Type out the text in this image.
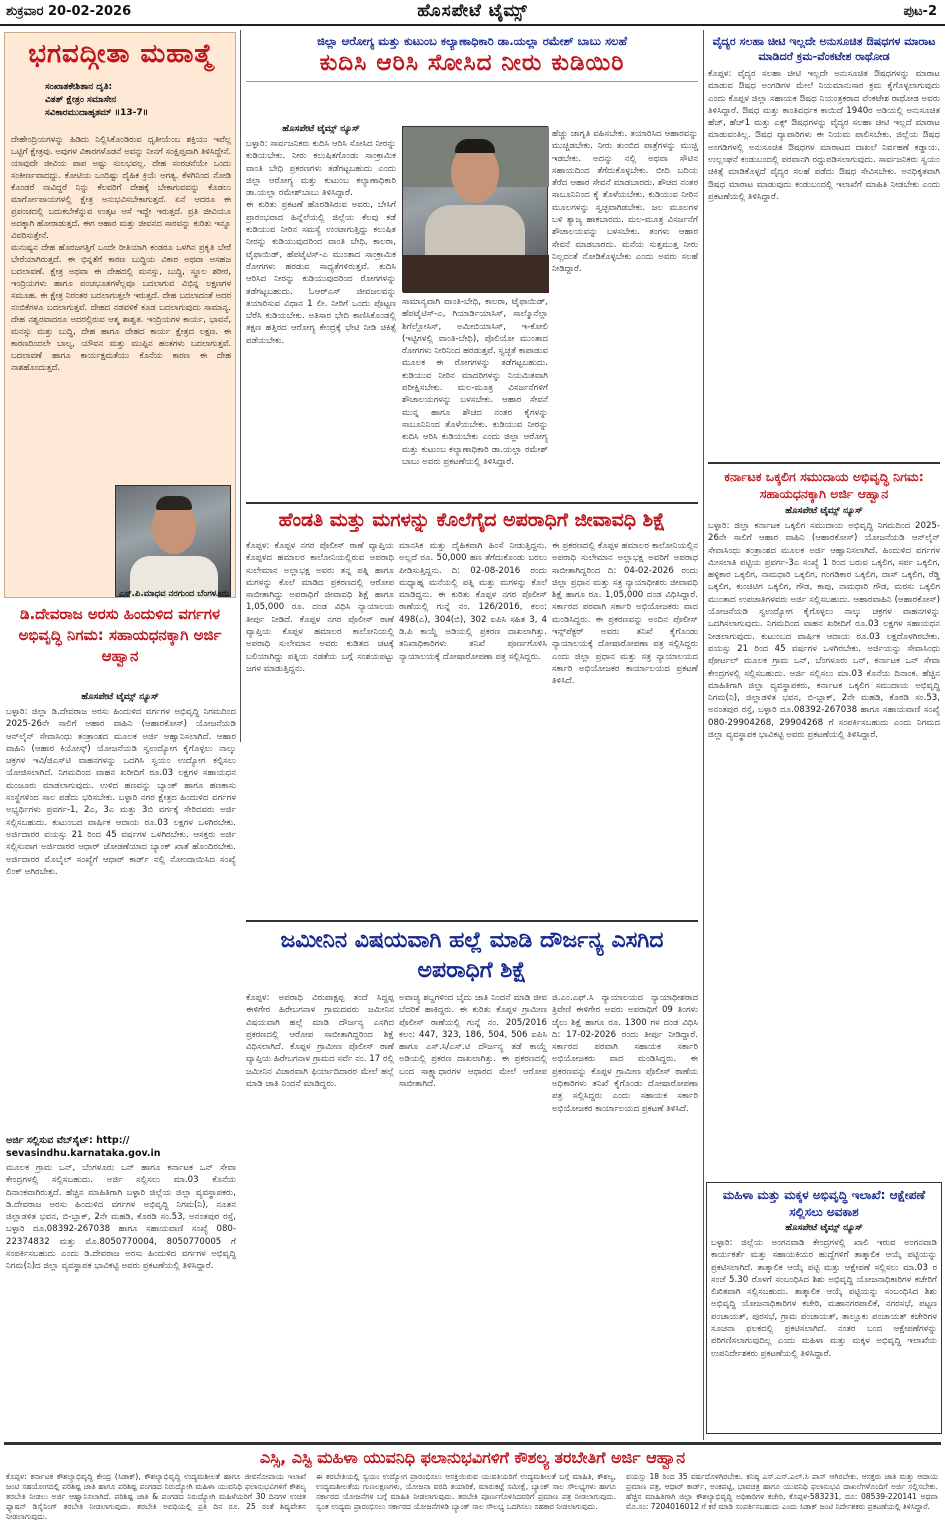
ಹೊಸಪೇಟೆ ಟೈಮ್ಸ್
ಶುಕ್ರವಾರ 20-02-2026	ಪುಟ-2
ಭಗವದ್ಗೀತಾ ಮಹಾತ್ಮೆ
ಸಂಖಾತಕೇಶಿತಾನ ದೃತಿ:
ವಿತತ್ ಕ್ಷೇತ್ರಂ ಸಮಾಸೇನ
ಸವಿಕಾರಮುದಾಹೃತಮ್ ॥13-7॥
ದೇಹೇಂದ್ರಿಯಗಳನ್ನು ಹಿಡಿದು ನಿಲ್ಲಿಸಿಕೊಂಡಿರುವ ಧೃತೀಯೆಂಬ ಶಕ್ತಿಯು ಇವೆಲ್ಲ ಒಟ್ಟಿಗೆ ಕ್ಷೇತ್ರವು. ಅವುಗಳ ವಿಕಾರಗಳೊಡನೆ ಅವನ್ನು ನೀನಗೆ ಸಂಕ್ಷಿಪ್ತವಾಗಿ ತಿಳಿಸಿದ್ದೇನೆ. ಯಾವುದೇ ಜೀವಿಯ ಪಾಪ ಅಷ್ಟು ಸುಲಭವಲ್ಲ. ದೇಹ ಸಂರಚನೆಯೇ ಒಂದು ಸಂಕೀರ್ಣವಾದದ್ದು. ಕೋಟಿಯ ಒಂದಿಷ್ಟು ದೈಹಿಕ ಕ್ರಿಯೆ ಅಗತ್ಯ. ಕೆಳಗಿನಿಂದ ನೋಡಿ ಕೊಂಡರೆ ನಾವಿದ್ದರೆ ನಿನ್ನು ಕೆಲವರಿಗೆ ದೇಹಕ್ಕೆ ಬೇಕಾಗುವವನ್ನು ಕೊಡಲು ಮಾರ್ಗೋಪಾಯಗಳಲ್ಲಿ ಕ್ಷೇತ್ರ ಅನುಭವಿಸಬೇಕಾಗುತ್ತದೆ. ಏನೆ ಆದರೂ ಈ ಪ್ರಪಂಚದಲ್ಲಿ ಬದುಕಬೇಕೆನ್ನುವ ಉತ್ಕಟ ಆಸೆ ಇದ್ದೇ ಇರುತ್ತದೆ. ಪ್ರತಿ ಜೀವಿಯೂ ಅದಕ್ಕಾಗಿ ಹೋರಾಡುತ್ತದೆ. ಈಗ ಆಹಾರ ಮತ್ತು ಜೀವನದ ಸಾರವನ್ನು ಕುರಿತು ಇನ್ನೂ ವಿವರಿಸುತ್ತೇನೆ.
ಮನುಷ್ಯನ ದೇಹ ಹೊರಜಗತ್ತಿಗೆ ಒಂದೇ ರೀತಿಯಾಗಿ ಕಂಡರೂ ಒಳಗಿನ ಪ್ರಕೃತಿ ಬೇರೆ ಬೇರೆಯಾಗಿರುತ್ತದೆ. ಈ ಭಿನ್ನತೆಗೆ ಕಾರಣ ಬುದ್ಧಿಯ ವಿಕಾರ ಅಥವಾ ಅಸಹಜ ಬದಲಾವಣೆ. ಕ್ಷೇತ್ರ ಅಥವಾ ಈ ದೇಹದಲ್ಲಿ ಮನಸ್ಸು, ಬುದ್ಧಿ, ಸ್ಥೂಲ ಶರೀರ, ಇಂದ್ರಿಯಗಳು ಹಾಗೂ ಪಂಚಭೂತಗಳೆಲ್ಲವೂ ಬದಲಾಗುವ ವಿಭಿನ್ನ ಲಕ್ಷಣಗಳ ಸಮೂಹ. ಈ ಕ್ಷೇತ್ರ ನಿರಂತರ ಬದಲಾಗುತ್ತಲೇ ಇರುತ್ತದೆ. ದೇಹ ಬದಲಾದಂತೆ ಅದರ ನಂಬಿಕೆಗಳೂ ಬದಲಾಗುತ್ತವೆ. ದೇಹದ ನಡವಳಿಕೆ ಕೂಡ ಬದಲಾಗುವುದು ಸಾಮಾನ್ಯ. ದೇಹ ನಶ್ವರವಾದರೂ ಅದರಲ್ಲಿರುವ ಆತ್ಮ ಶಾಶ್ವತ. ಇಂದ್ರಿಯಗಳ ಕಾರ್ಯ, ಭಾವನೆ, ಮನಸ್ಸು ಮತ್ತು ಬುದ್ಧಿ, ದೇಹ ಹಾಗೂ ದೇಹದ ಕಾರ್ಯ ಕ್ಷೇತ್ರದ ಲಕ್ಷಣ. ಈ ಕಾರಣದಿಂದಲೇ ಬಾಲ್ಯ, ಯೌವನ ಮತ್ತು ಮುಪ್ಪಿನ ಹಂತಗಳು ಬದಲಾಗುತ್ತವೆ. ಬದಲಾವಣೆ ಹಾಗೂ ಕಾರ್ಯಕ್ಷಮತೆಯು ಕೊನೆಯ ಕಾರಣ ಈ ದೇಹ ನಾಶಹೊಂದುತ್ತದೆ.
ಎಸ್.ಪಿ.ಮಾಧವ ನರಗುಂದ ಬೆಂಗಳೂರು
ಡಿ.ದೇವರಾಜ ಅರಸು ಹಿಂದುಳಿದ ವರ್ಗಗಳ ಅಭಿವೃದ್ಧಿ ನಿಗಮ: ಸಹಾಯಧನಕ್ಕಾಗಿ ಅರ್ಜಿ ಆಹ್ವಾನ
ಹೊಸಪೇಟೆ ಟೈಮ್ಸ್ ನ್ಯೂಸ್
ಬಳ್ಳಾರಿ: ಜಿಲ್ಲಾ ಡಿ.ದೇವರಾಜ ಅರಸು ಹಿಂದುಳಿದ ವರ್ಗಗಳ ಅಭಿವೃದ್ಧಿ ನಿಗಮದಿಂದ 2025-26ನೇ ಸಾಲಿಗೆ ಆಹಾರ ವಾಹಿನಿ (ಆಹಾರಕೋಸ್) ಯೋಜನೆಯಡಿ ಆನ್‌ಲೈನ್ ಸೇವಾಸಿಂಧು ತಂತ್ರಾಂಶದ ಮೂಲಕ ಅರ್ಜಿ ಆಹ್ವಾನಿಸಲಾಗಿದೆ. ಆಹಾರ ವಾಹಿನಿ (ಆಹಾರ ಕಿಯೋಸ್ಕ್) ಯೋಜನೆಯಡಿ ಸ್ವಉದ್ಯೋಗ ಕೈಗೊಳ್ಳಲು ನಾಲ್ಕು ಚಕ್ರಗಳ ಇವಿ/ಜಿಎಸ್‌ಟಿ ವಾಹನಗಳನ್ನು ಒದಗಿಸಿ ಸ್ವಯಂ ಉದ್ಯೋಗ ಕಲ್ಪಿಸಲು ಯೋಜಿಸಲಾಗಿದೆ. ನಿಗಮದಿಂದ ವಾಹನ ಖರೀದಿಗೆ ರೂ.03 ಲಕ್ಷಗಳ ಸಹಾಯಧನ ಮಂಜೂರು ಮಾಡಲಾಗುವುದು. ಉಳಿದ ಹಣವನ್ನು ಬ್ಯಾಂಕ್ ಹಾಗೂ ಹಣಕಾಸು ಸಂಸ್ಥೆಗಳಿಂದ ಸಾಲ ಪಡೆದು ಭರಿಸಬೇಕು. ಬಳ್ಳಾರಿ ನಗರ ಕ್ಷೇತ್ರದ ಹಿಂದುಳಿದ ವರ್ಗಗಳ ಅಭ್ಯರ್ಥಿಗಳು ಪ್ರವರ್ಗ-1, 2ಎ, 3ಎ ಮತ್ತು 3ಬಿ ವರ್ಗಕ್ಕೆ ಸೇರಿದವರು ಅರ್ಜಿ ಸಲ್ಲಿಸಬಹುದು. ಕುಟುಂಬದ ವಾರ್ಷಿಕ ಆದಾಯ ರೂ.03 ಲಕ್ಷಗಳ ಒಳಗಿರಬೇಕು. ಅರ್ಜಿದಾರರ ವಯಸ್ಸು 21 ರಿಂದ 45 ವರ್ಷಗಳ ಒಳಗಿರಬೇಕು. ಆಸಕ್ತರು ಅರ್ಜಿ ಸಲ್ಲಿಸುವಾಗ ಅರ್ಜಿದಾರರ ಆಧಾರ್ ಜೋಡಣೆಯಾದ ಬ್ಯಾಂಕ್ ಖಾತೆ ಹೊಂದಿರಬೇಕು. ಅರ್ಜಿದಾರರ ಮೊಬೈಲ್ ಸಂಖ್ಯೆಗೆ ಆಧಾರ್ ಕಾರ್ಡ್ ನಲ್ಲಿ ನೋಂದಾಯಿಸಿದ ಸಂಖ್ಯೆ ಲಿಂಕ್ ಆಗಿರಬೇಕು.
ಅರ್ಜಿ ಸಲ್ಲಿಸುವ ವೆಬ್‌ಸೈಟ್: http:// sevasindhu.karnataka.gov.in
ಮೂಲಕ ಗ್ರಾಮ ಒನ್, ಬೆಂಗಳೂರು ಒನ್ ಹಾಗೂ ಕರ್ನಾಟಕ ಒನ್ ಸೇವಾ ಕೇಂದ್ರಗಳಲ್ಲಿ ಸಲ್ಲಿಸಬಹುದು. ಅರ್ಜಿ ಸಲ್ಲಿಸಲು ಮಾ.03 ಕೊನೆಯ ದಿನಾಂಕವಾಗಿರುತ್ತದೆ. ಹೆಚ್ಚಿನ ಮಾಹಿತಿಗಾಗಿ ಬಳ್ಳಾರಿ ಜಿಲ್ಲೆಯ ಜಿಲ್ಲಾ ವ್ಯವಸ್ಥಾಪಕರು, ಡಿ.ದೇವರಾಜ ಅರಸು ಹಿಂದುಳಿದ ವರ್ಗಗಳ ಅಭಿವೃದ್ಧಿ ನಿಗಮ(ನಿ), ನೂತನ ಜಿಲ್ಲಾಡಳಿತ ಭವನ, ಬಿ-ಬ್ಲಾಕ್, 2ನೇ ಮಹಡಿ, ಕೊಠಡಿ ಸಂ.53, ಅನಂತಪುರ ರಸ್ತೆ, ಬಳ್ಳಾರಿ ದೂ.08392-267038 ಹಾಗೂ ಸಹಾಯವಾಣಿ ಸಂಖ್ಯೆ 080-22374832 ಮತ್ತು ಮೊ.8050770004, 8050770005 ಗೆ ಸಂಪರ್ಕಿಸಬಹುದು ಎಂದು ಡಿ.ದೇವರಾಜ ಅರಸು ಹಿಂದುಳಿದ ವರ್ಗಗಳ ಅಭಿವೃದ್ಧಿ ನಿಗಮ(ನಿ)ದ ಜಿಲ್ಲಾ ವ್ಯವಸ್ಥಾಪಕ ಭಾವಿಕಟ್ಟಿ ಅವರು ಪ್ರಕಟಣೆಯಲ್ಲಿ ತಿಳಿಸಿದ್ದಾರೆ.
ಜಿಲ್ಲಾ ಆರೋಗ್ಯ ಮತ್ತು ಕುಟುಂಬ ಕಲ್ಯಾಣಾಧಿಕಾರಿ ಡಾ.ಯಲ್ಲಾ ರಮೇಶ್ ಬಾಬು ಸಲಹೆ
ಕುದಿಸಿ ಆರಿಸಿ ಸೋಸಿದ ನೀರು ಕುಡಿಯಿರಿ
ಹೊಸಪೇಟೆ ಟೈಮ್ಸ್ ನ್ಯೂಸ್
ಬಳ್ಳಾರಿ: ಸಾರ್ವಜನಿಕರು ಕುದಿಸಿ ಆರಿಸಿ ಸೋಸಿದ ನೀರನ್ನು ಕುಡಿಯಬೇಕು. ನೀರು ಕಲುಷಿತಗೊಂಡು ಸಾಂಕ್ರಾಮಿಕ ವಾಂತಿ ಬೇಧಿ ಪ್ರಕರಣಗಳು ತಡೆಗಟ್ಟಬಹುದು ಎಂದು ಜಿಲ್ಲಾ ಆರೋಗ್ಯ ಮತ್ತು ಕುಟುಂಬ ಕಲ್ಯಾಣಾಧಿಕಾರಿ ಡಾ.ಯಲ್ಲಾ ರಮೇಶ್‌ಬಾಬು ತಿಳಿಸಿದ್ದಾರೆ.
ಈ ಕುರಿತು ಪ್ರಕಟಣೆ ಹೊರಡಿಸಿರುವ ಅವರು, ಬೇಸಿಗೆ ಪ್ರಾರಂಭವಾದ ಹಿನ್ನೆಲೆಯಲ್ಲಿ ಜಿಲ್ಲೆಯ ಕೆಲವು ಕಡೆ ಕುಡಿಯುವ ನೀರಿನ ಸಮಸ್ಯೆ ಉಂಟಾಗುತ್ತಿದ್ದು ಕಲುಷಿತ ನೀರನ್ನು ಕುಡಿಯುವುದರಿಂದ ವಾಂತಿ ಬೇಧಿ, ಕಾಲರಾ, ಟೈಫಾಯಿಡ್, ಹೆಪಟೈಟಿಸ್-ಎ ಮುಂತಾದ ಸಾಂಕ್ರಾಮಿಕ ರೋಗಗಳು ಹರಡುವ ಸಾಧ್ಯತೆಗಳಿರುತ್ತವೆ. ಕುದಿಸಿ ಆರಿಸಿದ ನೀರನ್ನು ಕುಡಿಯುವುದರಿಂದ ರೋಗಗಳನ್ನು ತಡೆಗಟ್ಟಬಹುದು. ಓಆರ್‌ಎಸ್ ಜೀವಜಲವನ್ನು ತಯಾರಿಸುವ ವಿಧಾನ 1 ಲೀ. ನೀರಿಗೆ ಒಂದು ಪೊಟ್ಟಣ ಬೆರೆಸಿ ಕುಡಿಯಬೇಕು. ಅತಿಸಾರ ಭೇದಿ ಕಾಣಿಸಿಕೊಂಡಲ್ಲಿ ತಕ್ಷಣ ಹತ್ತಿರದ ಆರೋಗ್ಯ ಕೇಂದ್ರಕ್ಕೆ ಭೇಟಿ ನೀಡಿ ಚಿಕಿತ್ಸೆ ಪಡೆಯಬೇಕು.
ಹೆಚ್ಚು ಜಾಗೃತಿ ವಹಿಸಬೇಕು. ತಯಾರಿಸಿದ ಆಹಾರವನ್ನು ಮುಚ್ಚಿಡಬೇಕು. ನೀರು ತುಂಬಿದ ಪಾತ್ರೆಗಳನ್ನು ಮುಚ್ಚಿ ಇಡಬೇಕು. ಅದನ್ನು ನಲ್ಲಿ ಅಥವಾ ಸೌಟಿನ ಸಹಾಯದಿಂದ ತೆಗೆದುಕೊಳ್ಳಬೇಕು. ಬೀದಿ ಬದಿಯ ತೆರೆದ ಆಹಾರ ಸೇವನೆ ಮಾಡಬಾರದು. ಶೌಚದ ನಂತರ ಸಾಬೂನಿನಿಂದ ಕೈ ತೊಳೆಯಬೇಕು. ಕುಡಿಯುವ ನೀರಿನ ಮೂಲಗಳನ್ನು ಸ್ವಚ್ಛವಾಗಿಡಬೇಕು. ಜಲ ಮೂಲಗಳ ಬಳಿ ತ್ಯಾಜ್ಯ ಹಾಕಬಾರದು. ಮಲ-ಮೂತ್ರ ವಿಸರ್ಜನೆಗೆ ಶೌಚಾಲಯವನ್ನು ಬಳಸಬೇಕು. ತಂಗಳು ಆಹಾರ ಸೇವನೆ ಮಾಡಬಾರದು. ಮನೆಯ ಸುತ್ತಮುತ್ತ ನೀರು ನಿಲ್ಲದಂತೆ ನೋಡಿಕೊಳ್ಳಬೇಕು ಎಂದು ಅವರು ಸಲಹೆ ನೀಡಿದ್ದಾರೆ.
ಸಾಮಾನ್ಯವಾಗಿ ವಾಂತಿ-ಬೇಧಿ, ಕಾಲರಾ, ಟೈಫಾಯಿಡ್, ಹೆಪಟೈಟಿಸ್-ಎ, ಗಿಯಾರ್ಡಿಯಾಸಿಸ್, ಸಾಲ್ಮೊನೆಲ್ಲಾ ಶಿಗೆಲ್ಲೋಸಿಸ್, ಅಮೀಬಿಯಾಸಿಸ್, ಇ-ಕೋಲಿ (ಇಟ್ಟಿಗಳಲ್ಲಿ ವಾಂತಿ-ಬೇಧಿ), ಪೊಲಿಯೋ ಮುಂತಾದ ರೋಗಗಳು ನೀರಿನಿಂದ ಹರಡುತ್ತವೆ. ಸ್ವಚ್ಛತೆ ಕಾಪಾಡುವ ಮೂಲಕ ಈ ರೋಗಗಳನ್ನು ತಡೆಗಟ್ಟಬಹುದು. ಕುಡಿಯುವ ನೀರಿನ ಮಾದರಿಗಳನ್ನು ನಿಯಮಿತವಾಗಿ ಪರೀಕ್ಷಿಸಬೇಕು. ಮಲ-ಮೂತ್ರ ವಿಸರ್ಜನೆಗಳಿಗೆ ಶೌಚಾಲಯಗಳನ್ನು ಬಳಸಬೇಕು. ಆಹಾರ ಸೇವನೆ ಮುನ್ನ ಹಾಗೂ ಶೌಚದ ನಂತರ ಕೈಗಳನ್ನು ಸಾಬೂನಿನಿಂದ ತೊಳೆಯಬೇಕು. ಕುಡಿಯುವ ನೀರನ್ನು ಕುದಿಸಿ ಆರಿಸಿ ಕುಡಿಯಬೇಕು ಎಂದು ಜಿಲ್ಲಾ ಆರೋಗ್ಯ ಮತ್ತು ಕುಟುಂಬ ಕಲ್ಯಾಣಾಧಿಕಾರಿ ಡಾ.ಯಲ್ಲಾ ರಮೇಶ್ ಬಾಬು ಅವರು ಪ್ರಕಟಣೆಯಲ್ಲಿ ತಿಳಿಸಿದ್ದಾರೆ.
ಹೆಂಡತಿ ಮತ್ತು ಮಗಳನ್ನು ಕೊಲೆಗೈದ ಅಪರಾಧಿಗೆ ಜೀವಾವಧಿ ಶಿಕ್ಷೆ
ಕೊಪ್ಪಳ: ಕೊಪ್ಪಳ ನಗರ ಪೊಲೀಸ್ ಠಾಣೆ ವ್ಯಾಪ್ತಿಯ ಕೊಪ್ಪಳದ ಹಮಾಲರ ಕಾಲೋನಿಯಲ್ಲಿರುವ ಅಪರಾಧಿ ಸುಲೇಮಾನ ಅಲ್ಲಾಭಕ್ಷ ಅವರು ತನ್ನ ಪತ್ನಿ ಹಾಗೂ ಮಗಳನ್ನು ಕೊಲೆ ಮಾಡಿದ ಪ್ರಕರಣದಲ್ಲಿ ಆರೋಪ ಸಾಬೀತಾಗಿದ್ದು ಅಪರಾಧಿಗೆ ಜೀವಾವಧಿ ಶಿಕ್ಷೆ ಹಾಗೂ 1,05,000 ರೂ. ದಂಡ ವಿಧಿಸಿ ನ್ಯಾಯಾಲಯ ತೀರ್ಪು ನೀಡಿದೆ. ಕೊಪ್ಪಳ ನಗರ ಪೊಲೀಸ್ ಠಾಣೆ ವ್ಯಾಪ್ತಿಯ ಕೊಪ್ಪಳ ಹಮಾಲರ ಕಾಲೋನಿಯಲ್ಲಿ ಅಪರಾಧಿ ಸುಲೇಮಾನ ಅವರು ಕುಡಿತದ ಚಟಕ್ಕೆ ಬಲಿಯಾಗಿದ್ದು ಪತ್ನಿಯ ನಡತೆಯ ಬಗ್ಗೆ ಸಂಶಯಪಟ್ಟು ಜಗಳ ಮಾಡುತ್ತಿದ್ದನು.
ಮಾನಸಿಕ ಮತ್ತು ದೈಹಿಕವಾಗಿ ಹಿಂಸೆ ನೀಡುತ್ತಿದ್ದನು. ಅಲ್ಲದೆ ರೂ. 50,000 ಹಣ ತೆಗೆದುಕೊಂಡು ಬರಲು ಪೀಡಿಸುತ್ತಿದ್ದನು. ದಿ: 02-08-2016 ರಂದು ಮಧ್ಯಾಹ್ನ ಮನೆಯಲ್ಲಿ ಪತ್ನಿ ಮತ್ತು ಮಗಳನ್ನು ಕೊಲೆ ಮಾಡಿದ್ದನು. ಈ ಕುರಿತು ಕೊಪ್ಪಳ ನಗರ ಪೊಲೀಸ್ ಠಾಣೆಯಲ್ಲಿ ಗುನ್ನೆ ನಂ. 126/2016, ಕಲಂ: 498(ಎ), 304(ಬಿ), 302 ಐಪಿಸಿ ಸಹಿತ 3, 4 ಡಿ.ಪಿ ಕಾಯ್ದೆ ಅಡಿಯಲ್ಲಿ ಪ್ರಕರಣ ದಾಖಲಾಗಿತ್ತು. ತನಿಖಾಧಿಕಾರಿಗಳು ತನಿಖೆ ಪೂರ್ಣಗೊಳಿಸಿ ನ್ಯಾಯಾಲಯಕ್ಕೆ ದೋಷಾರೋಪಣಾ ಪತ್ರ ಸಲ್ಲಿಸಿದ್ದರು.
ಈ ಪ್ರಕರಣದಲ್ಲಿ ಕೊಪ್ಪಳ ಹಮಾಲರ ಕಾಲೋನಿಯಲ್ಲಿನ ಅಪರಾಧಿ ಸುಲೇಮಾನ ಅಲ್ಲಾಭಕ್ಷ ಅವರಿಗೆ ಅಪರಾಧ ಸಾಬೀತಾಗಿದ್ದರಿಂದ ದಿ: 04-02-2026 ರಂದು ಜಿಲ್ಲಾ ಪ್ರಧಾನ ಮತ್ತು ಸತ್ರ ನ್ಯಾಯಾಧೀಶರು ಜೀವಾವಧಿ ಶಿಕ್ಷೆ ಹಾಗೂ ರೂ. 1,05,000 ದಂಡ ವಿಧಿಸಿದ್ದಾರೆ. ಸರ್ಕಾರದ ಪರವಾಗಿ ಸರ್ಕಾರಿ ಅಭಿಯೋಜಕರು ವಾದ ಮಂಡಿಸಿದ್ದರು. ಈ ಪ್ರಕರಣವನ್ನು ಅಂದಿನ ಪೊಲೀಸ್ ಇನ್ಸ್‌ಪೆಕ್ಟರ್ ಅವರು ತನಿಖೆ ಕೈಗೊಂಡು ನ್ಯಾಯಾಲಯಕ್ಕೆ ದೋಷಾರೋಪಣಾ ಪತ್ರ ಸಲ್ಲಿಸಿದ್ದರು ಎಂದು ಜಿಲ್ಲಾ ಪ್ರಧಾನ ಮತ್ತು ಸತ್ರ ನ್ಯಾಯಾಲಯದ ಸರ್ಕಾರಿ ಅಭಿಯೋಜಕರ ಕಾರ್ಯಾಲಯದ ಪ್ರಕಟಣೆ ತಿಳಿಸಿದೆ.
ಜಮೀನಿನ ವಿಷಯವಾಗಿ ಹಲ್ಲೆ ಮಾಡಿ ದೌರ್ಜನ್ಯ ಎಸಗಿದ ಅಪರಾಧಿಗೆ ಶಿಕ್ಷೆ
ಕೊಪ್ಪಳ: ಅಪರಾಧಿ ವಿರುಪಾಕ್ಷಪ್ಪ ತಂದೆ ಸಿದ್ದಪ್ಪ ಈಳಿಗೇರ ಹಿರೇಬಗನಾಳ ಗ್ರಾಮದವರು ಜಮೀನಿನ ವಿಷಯವಾಗಿ ಹಲ್ಲೆ ಮಾಡಿ ದೌರ್ಜನ್ಯ ಎಸಗಿದ ಪ್ರಕರಣದಲ್ಲಿ ಆರೋಪ ಸಾಬೀತಾಗಿದ್ದರಿಂದ ಶಿಕ್ಷೆ ವಿಧಿಸಲಾಗಿದೆ. ಕೊಪ್ಪಳ ಗ್ರಾಮೀಣ ಪೊಲೀಸ್ ಠಾಣೆ ವ್ಯಾಪ್ತಿಯ ಹಿರೇಬಗನಾಳ ಗ್ರಾಮದ ಸರ್ವೆ ನಂ. 17 ರಲ್ಲಿ ಜಮೀನಿನ ವಿಚಾರವಾಗಿ ಫಿರ್ಯಾದಿದಾರರ ಮೇಲೆ ಹಲ್ಲೆ ಮಾಡಿ ಜಾತಿ ನಿಂದನೆ ಮಾಡಿದ್ದರು.
ಅವಾಚ್ಯ ಶಬ್ದಗಳಿಂದ ಬೈದು ಜಾತಿ ನಿಂದನೆ ಮಾಡಿ ಜೀವ ಬೆದರಿಕೆ ಹಾಕಿದ್ದರು. ಈ ಕುರಿತು ಕೊಪ್ಪಳ ಗ್ರಾಮೀಣ ಪೊಲೀಸ್ ಠಾಣೆಯಲ್ಲಿ ಗುನ್ನೆ ನಂ. 205/2016 ಕಲಂ: 447, 323, 186, 504, 506 ಐಪಿಸಿ ಹಾಗೂ ಎಸ್.ಸಿ/ಎಸ್.ಟಿ ದೌರ್ಜನ್ಯ ತಡೆ ಕಾಯ್ದೆ ಅಡಿಯಲ್ಲಿ ಪ್ರಕರಣ ದಾಖಲಾಗಿತ್ತು. ಈ ಪ್ರಕರಣದಲ್ಲಿ ಬಂದ ಸಾಕ್ಷ್ಯಾಧಾರಗಳ ಆಧಾರದ ಮೇಲೆ ಆರೋಪ ಸಾಬೀತಾಗಿದೆ.
ಜಿ.ಎಂ.ಎಫ್.ಸಿ ನ್ಯಾಯಾಲಯದ ನ್ಯಾಯಾಧೀಶರಾದ ತ್ರಿವೇಣಿ ಈಳಿಗೇರ ಅವರು ಅಪರಾಧಿಗೆ 09 ತಿಂಗಳು ಜೈಲು ಶಿಕ್ಷೆ ಹಾಗೂ ರೂ. 1300 ಗಳ ದಂಡ ವಿಧಿಸಿ ದಿ: 17-02-2026 ರಂದು ತೀರ್ಪು ನೀಡಿದ್ದಾರೆ. ಸರ್ಕಾರದ ಪರವಾಗಿ ಸಹಾಯಕ ಸರ್ಕಾರಿ ಅಭಿಯೋಜಕರು ವಾದ ಮಂಡಿಸಿದ್ದರು. ಈ ಪ್ರಕರಣವನ್ನು ಕೊಪ್ಪಳ ಗ್ರಾಮೀಣ ಪೊಲೀಸ್ ಠಾಣೆಯ ಅಧಿಕಾರಿಗಳು ತನಿಖೆ ಕೈಗೊಂಡು ದೋಷಾರೋಪಣಾ ಪತ್ರ ಸಲ್ಲಿಸಿದ್ದರು ಎಂದು ಸಹಾಯಕ ಸರ್ಕಾರಿ ಅಭಿಯೋಜಕರ ಕಾರ್ಯಾಲಯದ ಪ್ರಕಟಣೆ ತಿಳಿಸಿದೆ.
ವೈದ್ಯರ ಸಲಹಾ ಚೀಟಿ ಇಲ್ಲದೇ ಅನುಸೂಚಿತ ಔಷಧಗಳ ಮಾರಾಟ ಮಾಡಿದರೆ ಕ್ರಮ-ವೆಂಕಟೇಶ ರಾಥೋಡ
ಕೊಪ್ಪಳ: ವೈದ್ಯರ ಸಲಹಾ ಚೀಟಿ ಇಲ್ಲದೇ ಅನುಸೂಚಿತ ಔಷಧಗಳನ್ನು ಮಾರಾಟ ಮಾಡುವ ಔಷಧ ಅಂಗಡಿಗಳ ಮೇಲೆ ನಿಯಮಾನುಸಾರ ಕ್ರಮ ಕೈಗೊಳ್ಳಲಾಗುವುದು ಎಂದು ಕೊಪ್ಪಳ ಜಿಲ್ಲಾ ಸಹಾಯಕ ಔಷಧ ನಿಯಂತ್ರಕರಾದ ವೆಂಕಟೇಶ ರಾಥೋಡ ಅವರು ತಿಳಿಸಿದ್ದಾರೆ. ಔಷಧ ಮತ್ತು ಕಾಂತಿವರ್ಧಕ ಕಾಯಿದೆ 1940ರ ಅಡಿಯಲ್ಲಿ ಅನುಸೂಚಿತ ಹೆಚ್, ಹೆಚ್1 ಮತ್ತು ಎಕ್ಸ್ ಔಷಧಗಳನ್ನು ವೈದ್ಯರ ಸಲಹಾ ಚೀಟಿ ಇಲ್ಲದೆ ಮಾರಾಟ ಮಾಡುವಂತಿಲ್ಲ. ಔಷಧ ವ್ಯಾಪಾರಿಗಳು ಈ ನಿಯಮ ಪಾಲಿಸಬೇಕು. ಜಿಲ್ಲೆಯ ಔಷಧ ಅಂಗಡಿಗಳಲ್ಲಿ ಅನುಸೂಚಿತ ಔಷಧಗಳ ಮಾರಾಟದ ದಾಖಲೆ ನಿರ್ವಹಣೆ ಕಡ್ಡಾಯ. ಉಲ್ಲಂಘನೆ ಕಂಡುಬಂದಲ್ಲಿ ಪರವಾನಗಿ ರದ್ದುಪಡಿಸಲಾಗುವುದು. ಸಾರ್ವಜನಿಕರು ಸ್ವಯಂ ಚಿಕಿತ್ಸೆ ಮಾಡಿಕೊಳ್ಳದೆ ವೈದ್ಯರ ಸಲಹೆ ಪಡೆದು ಔಷಧ ಸೇವಿಸಬೇಕು. ಅನಧಿಕೃತವಾಗಿ ಔಷಧ ಮಾರಾಟ ಮಾಡುವುದು ಕಂಡುಬಂದಲ್ಲಿ ಇಲಾಖೆಗೆ ಮಾಹಿತಿ ನೀಡಬೇಕು ಎಂದು ಪ್ರಕಟಣೆಯಲ್ಲಿ ತಿಳಿಸಿದ್ದಾರೆ.
ಕರ್ನಾಟಕ ಒಕ್ಕಲಿಗ ಸಮುದಾಯ ಅಭಿವೃದ್ಧಿ ನಿಗಮ: ಸಹಾಯಧನಕ್ಕಾಗಿ ಅರ್ಜಿ ಆಹ್ವಾನ
ಹೊಸಪೇಟೆ ಟೈಮ್ಸ್ ನ್ಯೂಸ್
ಬಳ್ಳಾರಿ: ಜಿಲ್ಲಾ ಕರ್ನಾಟಕ ಒಕ್ಕಲಿಗ ಸಮುದಾಯ ಅಭಿವೃದ್ಧಿ ನಿಗಮದಿಂದ 2025-26ನೇ ಸಾಲಿಗೆ ಆಹಾರ ವಾಹಿನಿ (ಆಹಾರಕೋಸ್) ಯೋಜನೆಯಡಿ ಆನ್‌ಲೈನ್ ಸೇವಾಸಿಂಧು ತಂತ್ರಾಂಶದ ಮೂಲಕ ಅರ್ಜಿ ಆಹ್ವಾನಿಸಲಾಗಿದೆ. ಹಿಂದುಳಿದ ವರ್ಗಗಳ ಮೀಸಲಾತಿ ಪಟ್ಟಿಯ ಪ್ರವರ್ಗ-3ಎ ಸಂಖ್ಯೆ 1 ರಿಂದ ಬರುವ ಒಕ್ಕಲಿಗ, ಸರ್ಪ ಒಕ್ಕಲಿಗ, ಹಳ್ಳಿಕಾರ ಒಕ್ಕಲಿಗ, ನಾಮಧಾರಿ ಒಕ್ಕಲಿಗ, ಗಂಗಡಿಕಾರ ಒಕ್ಕಲಿಗ, ದಾಸ್ ಒಕ್ಕಲಿಗ, ರೆಡ್ಡಿ ಒಕ್ಕಲಿಗ, ಕುಂಚಿಟಿಗ ಒಕ್ಕಲಿಗ, ಗೌಡ, ಕಾಪು, ನಾಮಧಾರಿ ಗೌಡ, ಮರಸು ಒಕ್ಕಲಿಗ ಮುಂತಾದ ಉಪಜಾತಿಗಳವರು ಅರ್ಜಿ ಸಲ್ಲಿಸಬಹುದು. ಆಹಾರವಾಹಿನಿ (ಆಹಾರಕೋಸ್) ಯೋಜನೆಯಡಿ ಸ್ವಉದ್ಯೋಗ ಕೈಗೊಳ್ಳಲು ನಾಲ್ಕು ಚಕ್ರಗಳ ವಾಹನಗಳನ್ನು ಒದಗಿಸಲಾಗುವುದು. ನಿಗಮದಿಂದ ವಾಹನ ಖರೀದಿಗೆ ರೂ.03 ಲಕ್ಷಗಳ ಸಹಾಯಧನ ನೀಡಲಾಗುವುದು. ಕುಟುಂಬದ ವಾರ್ಷಿಕ ಆದಾಯ ರೂ.03 ಲಕ್ಷದೊಳಗಿರಬೇಕು. ವಯಸ್ಸು 21 ರಿಂದ 45 ವರ್ಷಗಳ ಒಳಗಿರಬೇಕು. ಅರ್ಜಿಯನ್ನು ಸೇವಾಸಿಂಧು ಪೋರ್ಟಲ್ ಮೂಲಕ ಗ್ರಾಮ ಒನ್, ಬೆಂಗಳೂರು ಒನ್, ಕರ್ನಾಟಕ ಒನ್ ಸೇವಾ ಕೇಂದ್ರಗಳಲ್ಲಿ ಸಲ್ಲಿಸಬಹುದು. ಅರ್ಜಿ ಸಲ್ಲಿಸಲು ಮಾ.03 ಕೊನೆಯ ದಿನಾಂಕ. ಹೆಚ್ಚಿನ ಮಾಹಿತಿಗಾಗಿ ಜಿಲ್ಲಾ ವ್ಯವಸ್ಥಾಪಕರು, ಕರ್ನಾಟಕ ಒಕ್ಕಲಿಗ ಸಮುದಾಯ ಅಭಿವೃದ್ಧಿ ನಿಗಮ(ನಿ), ಜಿಲ್ಲಾಡಳಿತ ಭವನ, ಬಿ-ಬ್ಲಾಕ್, 2ನೇ ಮಹಡಿ, ಕೊಠಡಿ ಸಂ.53, ಅನಂತಪುರ ರಸ್ತೆ, ಬಳ್ಳಾರಿ ದೂ.08392-267038 ಹಾಗೂ ಸಹಾಯವಾಣಿ ಸಂಖ್ಯೆ 080-29904268, 29904268 ಗೆ ಸಂಪರ್ಕಿಸಬಹುದು ಎಂದು ನಿಗಮದ ಜಿಲ್ಲಾ ವ್ಯವಸ್ಥಾಪಕ ಭಾವಿಕಟ್ಟಿ ಅವರು ಪ್ರಕಟಣೆಯಲ್ಲಿ ತಿಳಿಸಿದ್ದಾರೆ.
ಮಹಿಳಾ ಮತ್ತು ಮಕ್ಕಳ ಅಭಿವೃದ್ಧಿ ಇಲಾಖೆ: ಆಕ್ಷೇಪಣೆ ಸಲ್ಲಿಸಲು ಅವಕಾಶ
ಹೊಸಪೇಟೆ ಟೈಮ್ಸ್ ನ್ಯೂಸ್
ಬಳ್ಳಾರಿ: ಜಿಲ್ಲೆಯ ಅಂಗನವಾಡಿ ಕೇಂದ್ರಗಳಲ್ಲಿ ಖಾಲಿ ಇರುವ ಅಂಗನವಾಡಿ ಕಾರ್ಯಕರ್ತೆ ಮತ್ತು ಸಹಾಯಕಿಯರ ಹುದ್ದೆಗಳಿಗೆ ತಾತ್ಕಾಲಿಕ ಆಯ್ಕೆ ಪಟ್ಟಿಯನ್ನು ಪ್ರಕಟಿಸಲಾಗಿದೆ. ತಾತ್ಕಾಲಿಕ ಆಯ್ಕೆ ಪಟ್ಟಿ ಮತ್ತು ಆಕ್ಷೇಪಣೆ ಸಲ್ಲಿಸಲು ಮಾ.03 ರ ಸಂಜೆ 5.30 ರೊಳಗೆ ಸಂಬಂಧಿಸಿದ ಶಿಶು ಅಭಿವೃದ್ಧಿ ಯೋಜನಾಧಿಕಾರಿಗಳ ಕಚೇರಿಗೆ ಲಿಖಿತವಾಗಿ ಸಲ್ಲಿಸಬಹುದು. ತಾತ್ಕಾಲಿಕ ಆಯ್ಕೆ ಪಟ್ಟಿಯನ್ನು ಸಂಬಂಧಿಸಿದ ಶಿಶು ಅಭಿವೃದ್ಧಿ ಯೋಜನಾಧಿಕಾರಿಗಳ ಕಚೇರಿ, ಮಹಾನಗರಪಾಲಿಕೆ, ನಗರಸಭೆ, ಪಟ್ಟಣ ಪಂಚಾಯತ್, ಪುರಸಭೆ, ಗ್ರಾಮ ಪಂಚಾಯತ್, ತಾಲ್ಲೂಕು ಪಂಚಾಯತ್ ಕಚೇರಿಗಳ ಸೂಚನಾ ಫಲಕದಲ್ಲಿ ಪ್ರಕಟಿಸಲಾಗಿದೆ. ನಂತರ ಬಂದ ಆಕ್ಷೇಪಣೆಗಳನ್ನು ಪರಿಗಣಿಸಲಾಗುವುದಿಲ್ಲ ಎಂದು ಮಹಿಳಾ ಮತ್ತು ಮಕ್ಕಳ ಅಭಿವೃದ್ಧಿ ಇಲಾಖೆಯ ಉಪನಿರ್ದೇಶಕರು ಪ್ರಕಟಣೆಯಲ್ಲಿ ತಿಳಿಸಿದ್ದಾರೆ.
ಎಸ್ಸಿ, ಎಸ್ಟಿ ಮಹಿಳಾ ಯುವನಿಧಿ ಫಲಾನುಭವಿಗಳಿಗೆ ಕೌಶಲ್ಯ ತರಬೇತಿಗೆ ಅರ್ಜಿ ಆಹ್ವಾನ
ಕೊಪ್ಪಳ: ಕರ್ನಾಟಕ ಕೌಶಲ್ಯಾಭಿವೃದ್ಧಿ ಕೇಂದ್ರ (ಸಿಡಾಕ್), ಕೌಶಲ್ಯಾಭಿವೃದ್ಧಿ ಉದ್ಯಮಶೀಲತೆ ಹಾಗೂ ಜೀವನೋಪಾಯ ಇಲಾಖೆ ಜಂಟಿ ಸಹಯೋಗದಲ್ಲಿ ಪರಿಶಿಷ್ಟ ಜಾತಿ ಹಾಗೂ ಪರಿಶಿಷ್ಟ ಪಂಗಡದ ನಿರುದ್ಯೋಗಿ ಮಹಿಳಾ ಯುವನಿಧಿ ಫಲಾನುಭವಿಗಳಿಗೆ ಕೌಶಲ್ಯ ತರಬೇತಿ ನೀಡಲು ಅರ್ಜಿ ಆಹ್ವಾನಿಸಲಾಗಿದೆ. ಪರಿಶಿಷ್ಟ ಜಾತಿ & ಪಂಗಡದ ನಿರುದ್ಯೋಗಿ ಮಹಿಳೆಯರಿಗೆ 30 ದಿನಗಳ ಉಚಿತ ಫ್ಯಾಷನ್ ಡಿಸೈನಿಂಗ್ ತರಬೇತಿ ನೀಡಲಾಗುವುದು. ತರಬೇತಿ ಅವಧಿಯಲ್ಲಿ ಪ್ರತಿ ದಿನ ರೂ. 25 ರಂತೆ ಶಿಷ್ಯವೇತನ ನೀಡಲಾಗುವುದು.
ಈ ತರಬೇತಿಯಲ್ಲಿ ಸ್ವಯಂ ಉದ್ಯೋಗ ಪ್ರಾರಂಭಿಸಲು ಆಸಕ್ತಿಯಿರುವ ಯುವತಿಯರಿಗೆ ಉದ್ಯಮಶೀಲತೆ ಬಗ್ಗೆ ಮಾಹಿತಿ, ಕೌಶಲ್ಯ, ಉದ್ಯಮಶೀಲತೆಯ ಗುಣಲಕ್ಷಣಗಳು, ಯೋಜನಾ ವರದಿ ತಯಾರಿಕೆ, ಮಾರುಕಟ್ಟೆ ಸಮೀಕ್ಷೆ, ಬ್ಯಾಂಕ್ ಸಾಲ ಸೌಲಭ್ಯಗಳು ಹಾಗೂ ಸರ್ಕಾರದ ಯೋಜನೆಗಳ ಬಗ್ಗೆ ಮಾಹಿತಿ ನೀಡಲಾಗುವುದು. ತರಬೇತಿ ಪೂರ್ಣಗೊಳಿಸಿದವರಿಗೆ ಪ್ರಮಾಣ ಪತ್ರ ನೀಡಲಾಗುವುದು. ಸ್ವಂತ ಉದ್ಯಮ ಪ್ರಾರಂಭಿಸಲು ಸರ್ಕಾರದ ಯೋಜನೆಗಳಡಿ ಬ್ಯಾಂಕ್ ಸಾಲ ಸೌಲಭ್ಯ ಒದಗಿಸಲು ಸಹಕಾರ ನೀಡಲಾಗುವುದು.
ವಯಸ್ಸು 18 ರಿಂದ 35 ವರ್ಷದೊಳಗಿರಬೇಕು. ಕನಿಷ್ಠ ಎಸ್.ಎಸ್.ಎಲ್.ಸಿ ಪಾಸ್ ಆಗಿರಬೇಕು. ಆಸಕ್ತರು ಜಾತಿ ಮತ್ತು ಆದಾಯ ಪ್ರಮಾಣ ಪತ್ರ, ಆಧಾರ್ ಕಾರ್ಡ್, ಅಂಕಪಟ್ಟಿ, ಭಾವಚಿತ್ರ ಹಾಗೂ ಯುವನಿಧಿ ಫಲಾನುಭವಿ ದಾಖಲೆಗಳೊಂದಿಗೆ ಅರ್ಜಿ ಸಲ್ಲಿಸಬೇಕು. ಹೆಚ್ಚಿನ ಮಾಹಿತಿಗಾಗಿ ಜಿಲ್ಲಾ ಕೌಶಲ್ಯಾಭಿವೃದ್ಧಿ ಅಧಿಕಾರಿಗಳ ಕಚೇರಿ, ಕೊಪ್ಪಳ-583231, ದೂ: 08539-220141 ಅಥವಾ ಮೊ.ಸಂ: 7204016012 ಗೆ ಕರೆ ಮಾಡಿ ಸಂಪರ್ಕಿಸಬಹುದು ಎಂದು ಸಿಡಾಕ್ ಜಂಟಿ ನಿರ್ದೇಶಕರು ಪ್ರಕಟಣೆಯಲ್ಲಿ ತಿಳಿಸಿದ್ದಾರೆ.
